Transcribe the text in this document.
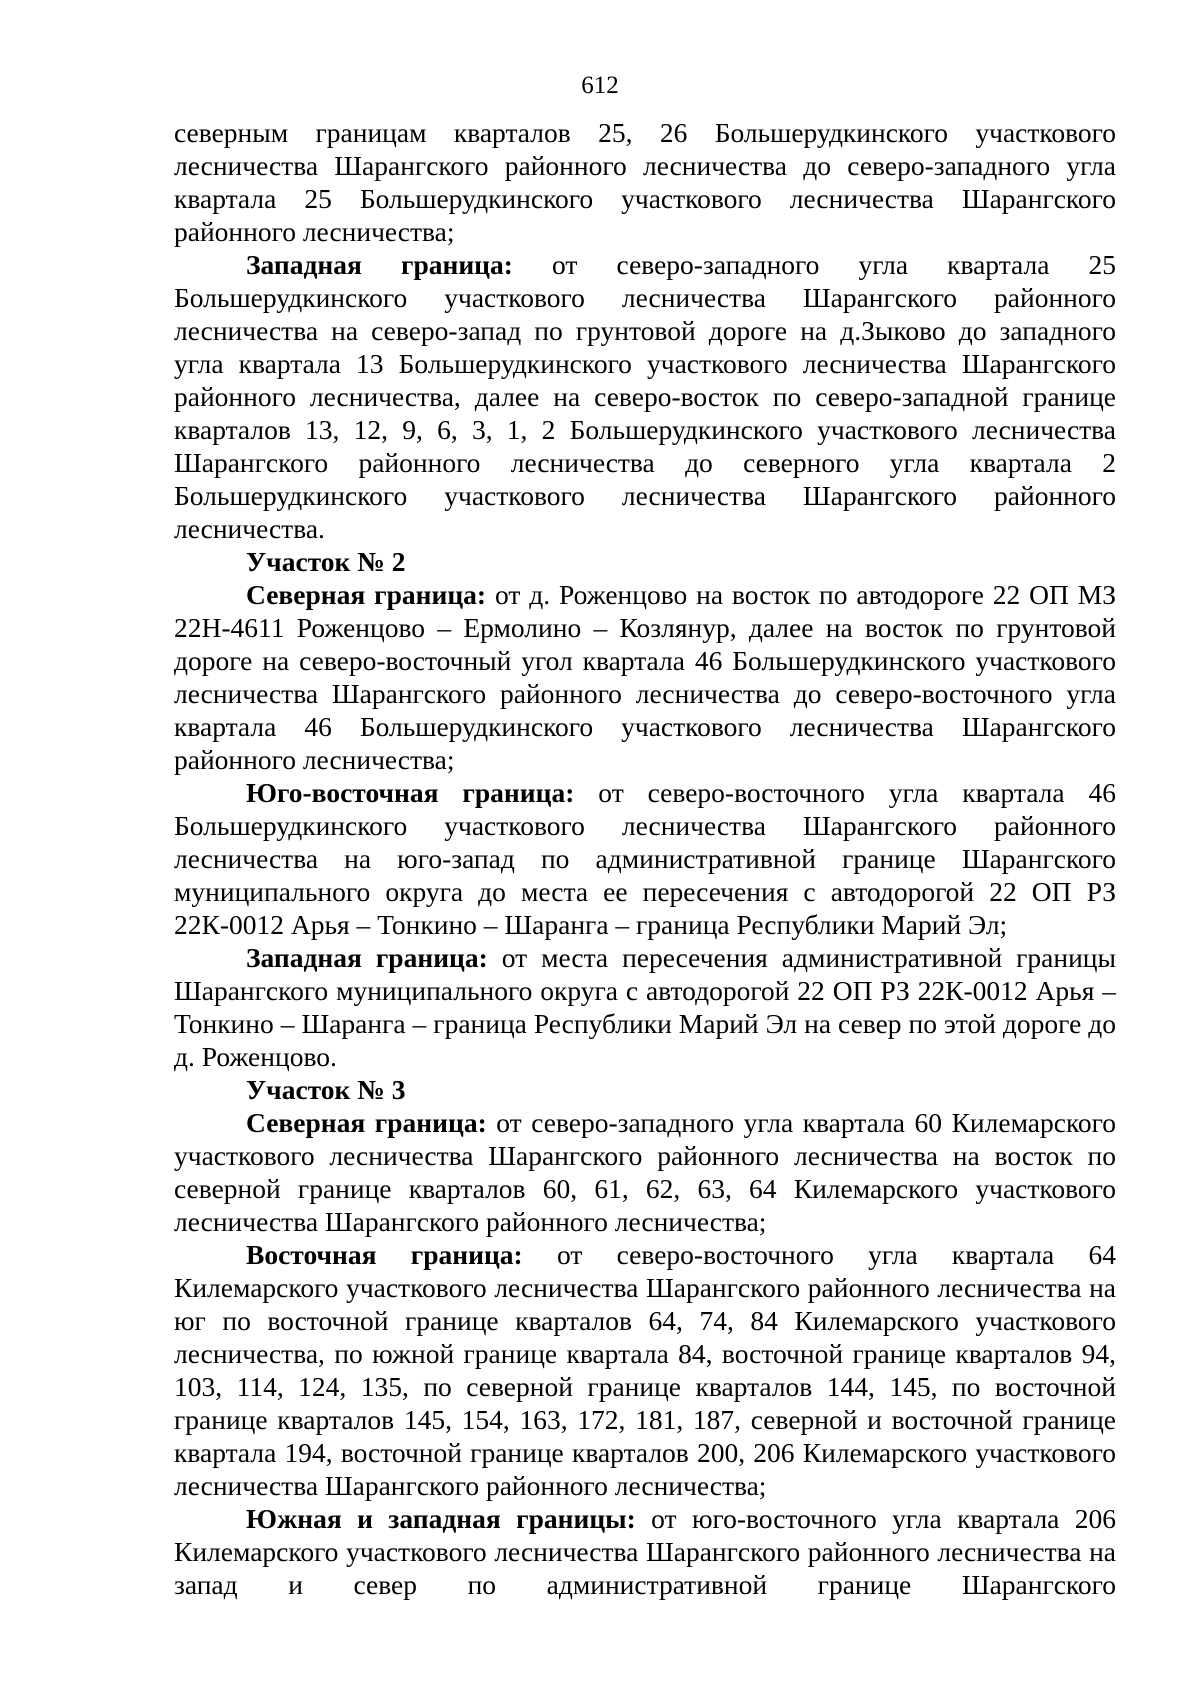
612

северным границам кварталов 25, 26 Большерудкинского участкового лесничества Шарангского районного лесничества до северо-западного угла квартала 25 Большерудкинского участкового лесничества Шарангского районного лесничества;

Западная граница: от северо-западного угла квартала 25 Большерудкинского участкового лесничества Шарангского районного лесничества на северо-запад по грунтовой дороге на д.Зыково до западного угла квартала 13 Большерудкинского участкового лесничества Шарангского районного лесничества, далее на северо-восток по северо-западной границе кварталов 13, 12, 9, 6, 3, 1, 2 Большерудкинского участкового лесничества Шарангского районного лесничества до северного угла квартала 2 Большерудкинского участкового лесничества Шарангского районного лесничества.

Участок № 2

Северная граница: от д. Роженцово на восток по автодороге 22 ОП МЗ 22Н-4611 Роженцово – Ермолино – Козлянур, далее на восток по грунтовой дороге на северо-восточный угол квартала 46 Большерудкинского участкового лесничества Шарангского районного лесничества до северо-восточного угла квартала 46 Большерудкинского участкового лесничества Шарангского районного лесничества;

Юго-восточная граница: от северо-восточного угла квартала 46 Большерудкинского участкового лесничества Шарангского районного лесничества на юго-запад по административной границе Шарангского муниципального округа до места ее пересечения с автодорогой 22 ОП РЗ 22К-0012 Арья – Тонкино – Шаранга – граница Республики Марий Эл;

Западная граница: от места пересечения административной границы Шарангского муниципального округа с автодорогой 22 ОП РЗ 22К-0012 Арья – Тонкино – Шаранга – граница Республики Марий Эл на север по этой дороге до д. Роженцово.

Участок № 3

Северная граница: от северо-западного угла квартала 60 Килемарского участкового лесничества Шарангского районного лесничества на восток по северной границе кварталов 60, 61, 62, 63, 64 Килемарского участкового лесничества Шарангского районного лесничества;

Восточная граница: от северо-восточного угла квартала 64 Килемарского участкового лесничества Шарангского районного лесничества на юг по восточной границе кварталов 64, 74, 84 Килемарского участкового лесничества, по южной границе квартала 84, восточной границе кварталов 94, 103, 114, 124, 135, по северной границе кварталов 144, 145, по восточной границе кварталов 145, 154, 163, 172, 181, 187, северной и восточной границе квартала 194, восточной границе кварталов 200, 206 Килемарского участкового лесничества Шарангского районного лесничества;

Южная и западная границы: от юго-восточного угла квартала 206 Килемарского участкового лесничества Шарангского районного лесничества на запад и север по административной границе Шарангского
